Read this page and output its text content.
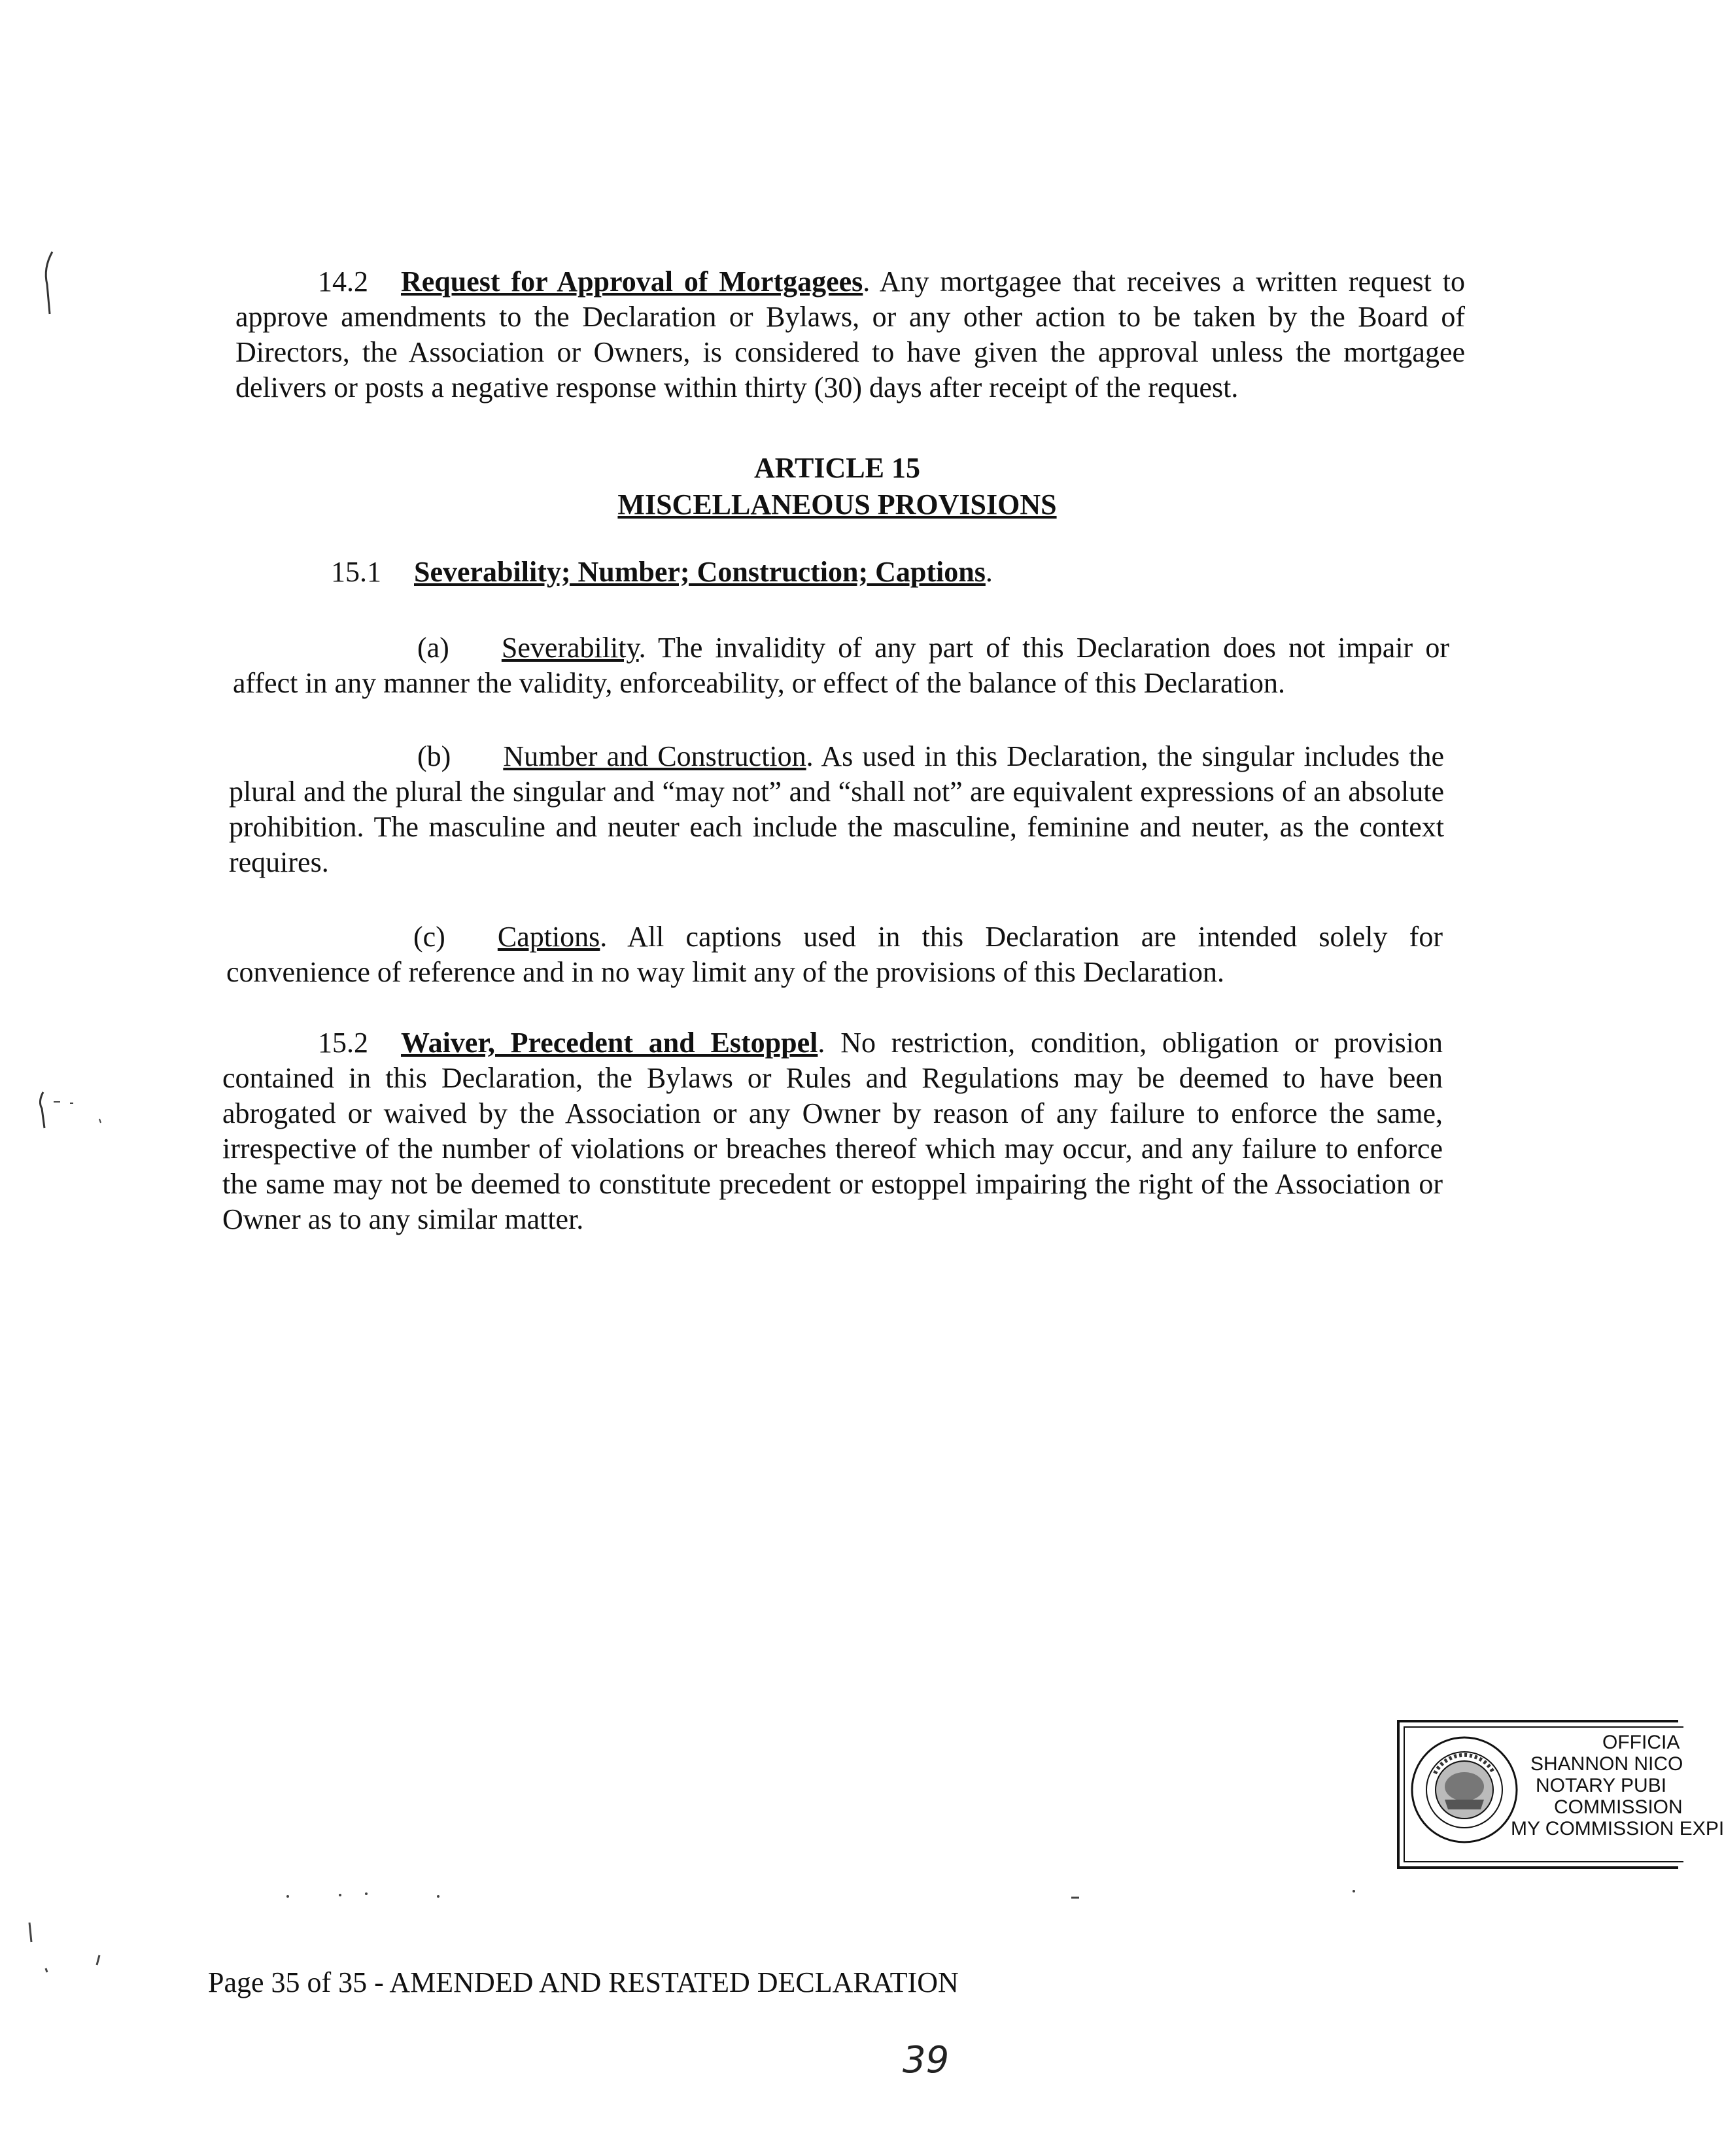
14.2 Request for Approval of Mortgagees. Any mortgagee that receives a written request to approve amendments to the Declaration or Bylaws, or any other action to be taken by the Board of Directors, the Association or Owners, is considered to have given the approval unless the mortgagee delivers or posts a negative response within thirty (30) days after receipt of the request.

ARTICLE 15
MISCELLANEOUS PROVISIONS

15.1 Severability; Number; Construction; Captions.

(a) Severability. The invalidity of any part of this Declaration does not impair or affect in any manner the validity, enforceability, or effect of the balance of this Declaration.

(b) Number and Construction. As used in this Declaration, the singular includes the plural and the plural the singular and “may not” and “shall not” are equivalent expressions of an absolute prohibition. The masculine and neuter each include the masculine, feminine and neuter, as the context requires.

(c) Captions. All captions used in this Declaration are intended solely for convenience of reference and in no way limit any of the provisions of this Declaration.

15.2 Waiver, Precedent and Estoppel. No restriction, condition, obligation or provision contained in this Declaration, the Bylaws or Rules and Regulations may be deemed to have been abrogated or waived by the Association or any Owner by reason of any failure to enforce the same, irrespective of the number of violations or breaches thereof which may occur, and any failure to enforce the same may not be deemed to constitute precedent or estoppel impairing the right of the Association or Owner as to any similar matter.

OFFICIA
SHANNON NICO
NOTARY PUBI
COMMISSION
MY COMMISSION EXPI
Page 35 of 35 - AMENDED AND RESTATED DECLARATION
39
